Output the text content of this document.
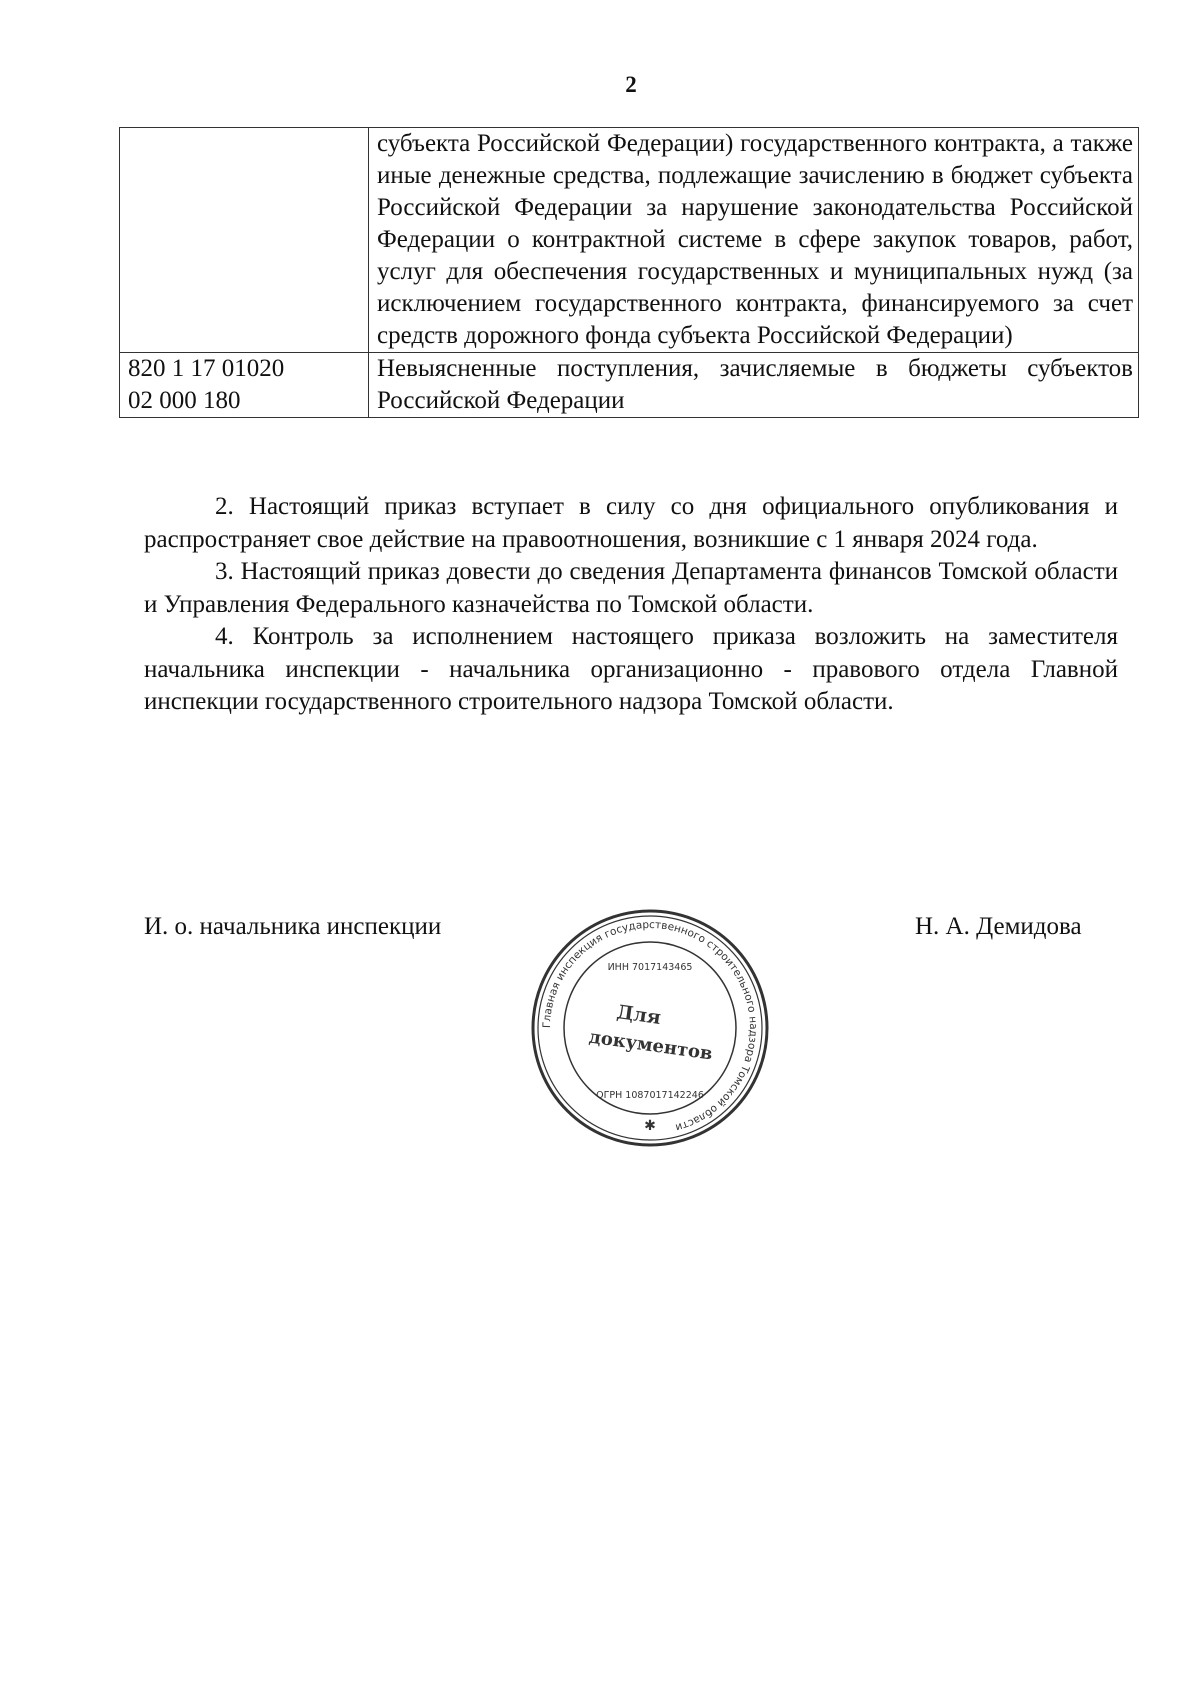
2
	субъекта Российской Федерации) государственного контракта, а также иные денежные средства, подлежащие зачислению в бюджет субъекта Российской Федерации за нарушение законодательства Российской Федерации о контрактной системе в сфере закупок товаров, работ, услуг для обеспечения государственных и муниципальных нужд (за исключением государственного контракта, финансируемого за счет средств дорожного фонда субъекта Российской Федерации)

820 1 17 01020
02 000 180	Невыясненные поступления, зачисляемые в бюджеты субъектов Российской Федерации

2. Настоящий приказ вступает в силу со дня официального опубликования и распространяет свое действие на правоотношения, возникшие с 1 января 2024 года.

3. Настоящий приказ довести до сведения Департамента финансов Томской области и Управления Федерального казначейства по Томской области.

4. Контроль за исполнением настоящего приказа возложить на заместителя начальника инспекции - начальника организационно - правового отдела Главной инспекции государственного строительного надзора Томской области.

И. о. начальника инспекции	Н. А. Демидова
Главная инспекция государственного строительного надзора Томской области
ИНН 7017143465
ОГРН 1087017142246
Для
документов
✱
